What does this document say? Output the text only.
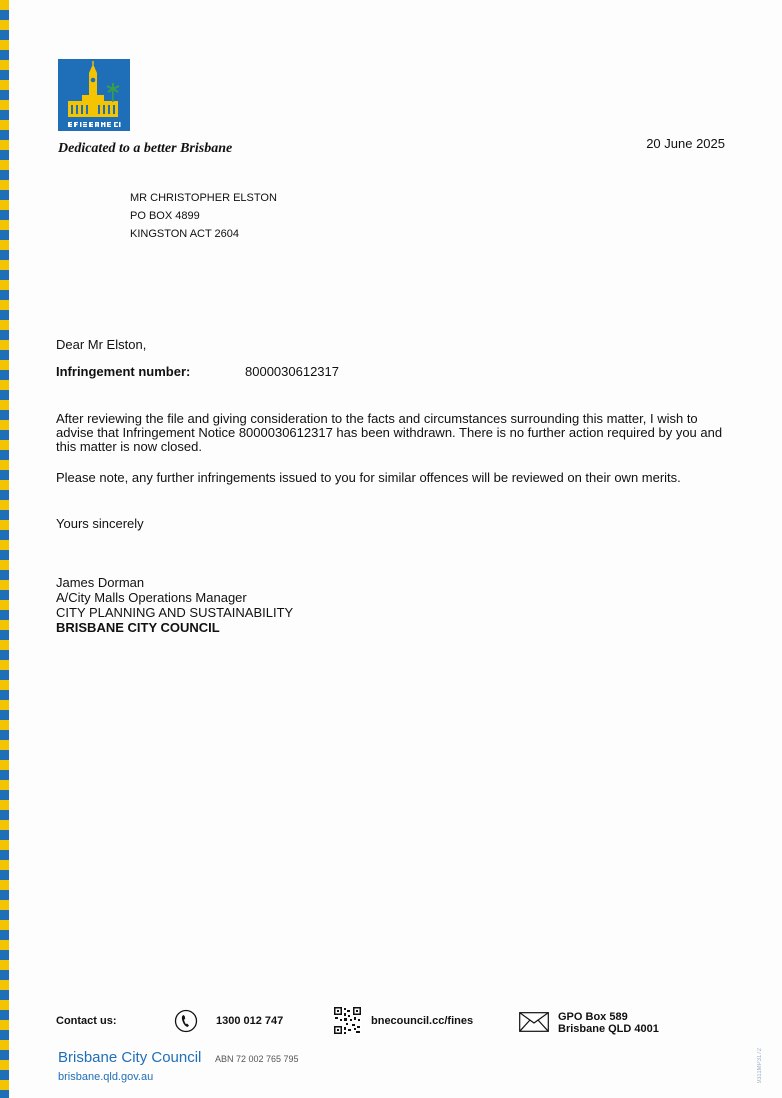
Dedicated to a better Brisbane	20 June 2025
MR CHRISTOPHER ELSTON
PO BOX 4899
KINGSTON ACT 2604
Dear Mr Elston,
Infringement number:	8000030612317
After reviewing the file and giving consideration to the facts and circumstances surrounding this matter, I wish to advise that Infringement Notice 8000030612317 has been withdrawn. There is no further action required by you and this matter is now closed.
Please note, any further infringements issued to you for similar offences will be reviewed on their own merits.
Yours sincerely
James Dorman
A/City Malls Operations Manager
CITY PLANNING AND SUSTAINABILITY
BRISBANE CITY COUNCIL
Contact us:	1300 012 747	bnecouncil.cc/fines	GPO Box 589
Brisbane QLD 4001
Brisbane City Council ABN 72 002 765 795
brisbane.qld.gov.au	9311MP3172
